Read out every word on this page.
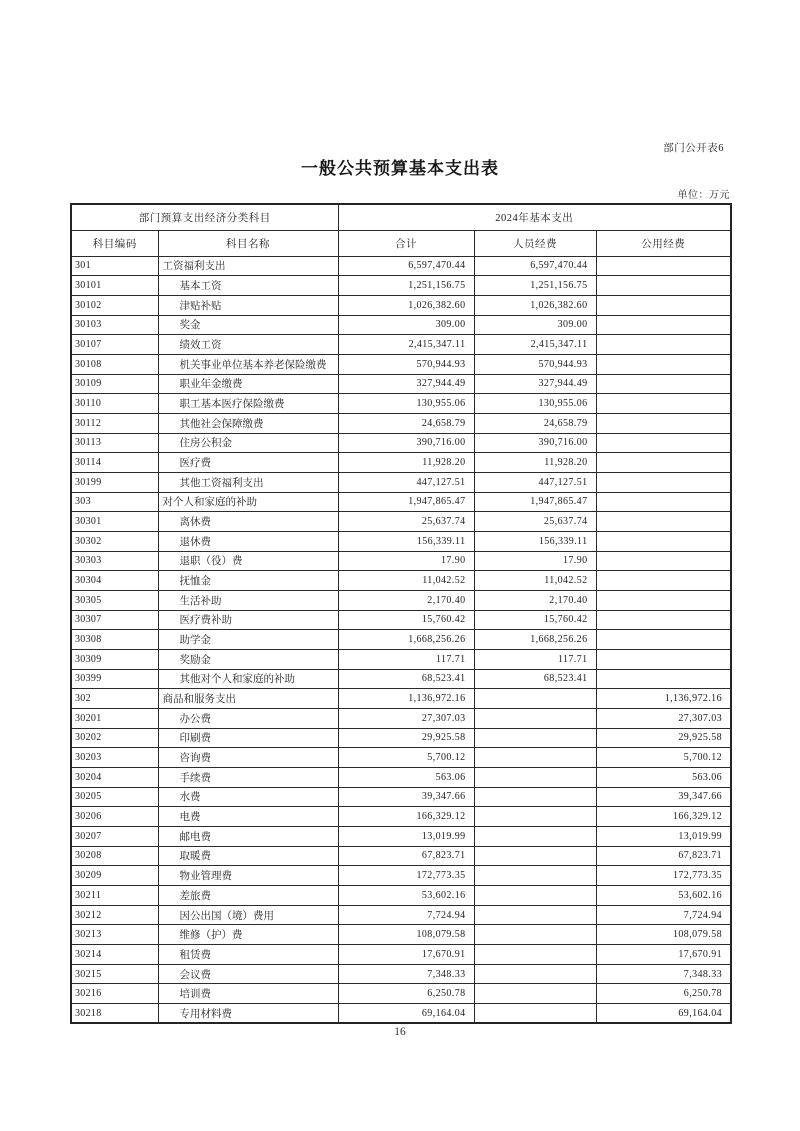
部门公开表6
一般公共预算基本支出表
单位：万元
部门预算支出经济分类科目		2024年基本支出		
科目编码	科目名称	合计	人员经费	公用经费
301	工资福利支出	6,597,470.44	6,597,470.44	
30101	基本工资	1,251,156.75	1,251,156.75	
30102	津贴补贴	1,026,382.60	1,026,382.60	
30103	奖金	309.00	309.00	
30107	绩效工资	2,415,347.11	2,415,347.11	
30108	机关事业单位基本养老保险缴费	570,944.93	570,944.93	
30109	职业年金缴费	327,944.49	327,944.49	
30110	职工基本医疗保险缴费	130,955.06	130,955.06	
30112	其他社会保障缴费	24,658.79	24,658.79	
30113	住房公积金	390,716.00	390,716.00	
30114	医疗费	11,928.20	11,928.20	
30199	其他工资福利支出	447,127.51	447,127.51	
303	对个人和家庭的补助	1,947,865.47	1,947,865.47	
30301	离休费	25,637.74	25,637.74	
30302	退休费	156,339.11	156,339.11	
30303	退职（役）费	17.90	17.90	
30304	抚恤金	11,042.52	11,042.52	
30305	生活补助	2,170.40	2,170.40	
30307	医疗费补助	15,760.42	15,760.42	
30308	助学金	1,668,256.26	1,668,256.26	
30309	奖励金	117.71	117.71	
30399	其他对个人和家庭的补助	68,523.41	68,523.41	
302	商品和服务支出	1,136,972.16		1,136,972.16
30201	办公费	27,307.03		27,307.03
30202	印刷费	29,925.58		29,925.58
30203	咨询费	5,700.12		5,700.12
30204	手续费	563.06		563.06
30205	水费	39,347.66		39,347.66
30206	电费	166,329.12		166,329.12
30207	邮电费	13,019.99		13,019.99
30208	取暖费	67,823.71		67,823.71
30209	物业管理费	172,773.35		172,773.35
30211	差旅费	53,602.16		53,602.16
30212	因公出国（境）费用	7,724.94		7,724.94
30213	维修（护）费	108,079.58		108,079.58
30214	租赁费	17,670.91		17,670.91
30215	会议费	7,348.33		7,348.33
30216	培训费	6,250.78		6,250.78
30218	专用材料费	69,164.04		69,164.04
16
